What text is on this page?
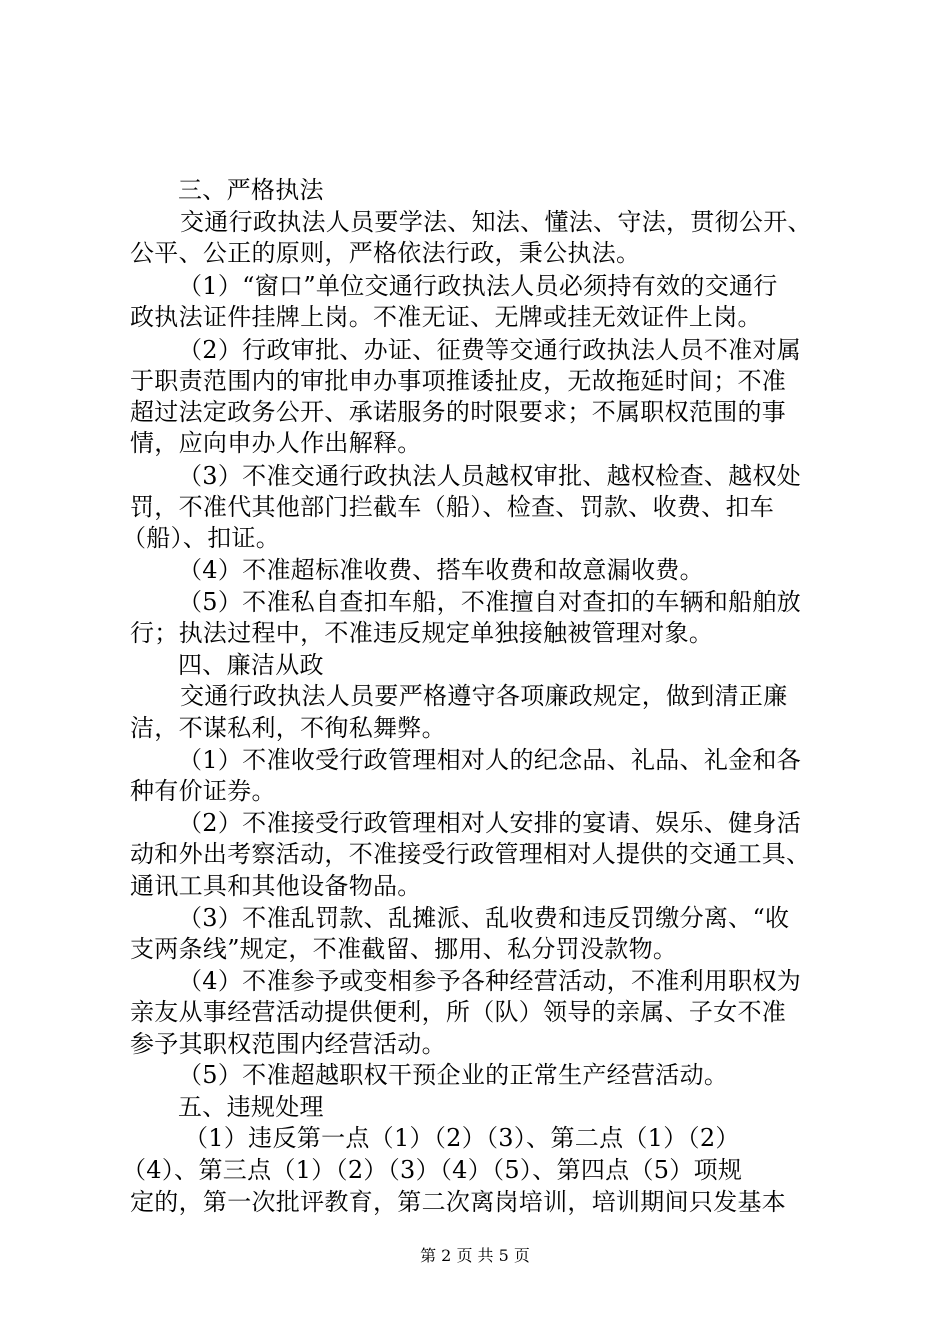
三、严格执法
交通行政执法人员要学法、知法、懂法、守法，贯彻公开、
公平、公正的原则，严格依法行政，秉公执法。
（1）“窗口”单位交通行政执法人员必须持有效的交通行
政执法证件挂牌上岗。不准无证、无牌或挂无效证件上岗。
（2）行政审批、办证、征费等交通行政执法人员不准对属
于职责范围内的审批申办事项推诿扯皮，无故拖延时间；不准
超过法定政务公开、承诺服务的时限要求；不属职权范围的事
情，应向申办人作出解释。
（3）不准交通行政执法人员越权审批、越权检查、越权处
罚，不准代其他部门拦截车（船）、检查、罚款、收费、扣车
（船）、扣证。
（4）不准超标准收费、搭车收费和故意漏收费。
（5）不准私自查扣车船，不准擅自对查扣的车辆和船舶放
行；执法过程中，不准违反规定单独接触被管理对象。
四、廉洁从政
交通行政执法人员要严格遵守各项廉政规定，做到清正廉
洁，不谋私利，不徇私舞弊。
（1）不准收受行政管理相对人的纪念品、礼品、礼金和各
种有价证券。
（2）不准接受行政管理相对人安排的宴请、娱乐、健身活
动和外出考察活动，不准接受行政管理相对人提供的交通工具、
通讯工具和其他设备物品。
（3）不准乱罚款、乱摊派、乱收费和违反罚缴分离、“收
支两条线”规定，不准截留、挪用、私分罚没款物。
（4）不准参予或变相参予各种经营活动，不准利用职权为
亲友从事经营活动提供便利，所（队）领导的亲属、子女不准
参予其职权范围内经营活动。
（5）不准超越职权干预企业的正常生产经营活动。
五、违规处理
（1）违反第一点（1）（2）（3）、第二点（1）（2）
（4）、第三点（1）（2）（3）（4）（5）、第四点（5）项规
定的，第一次批评教育，第二次离岗培训，培训期间只发基本
第 2 页 共 5 页
